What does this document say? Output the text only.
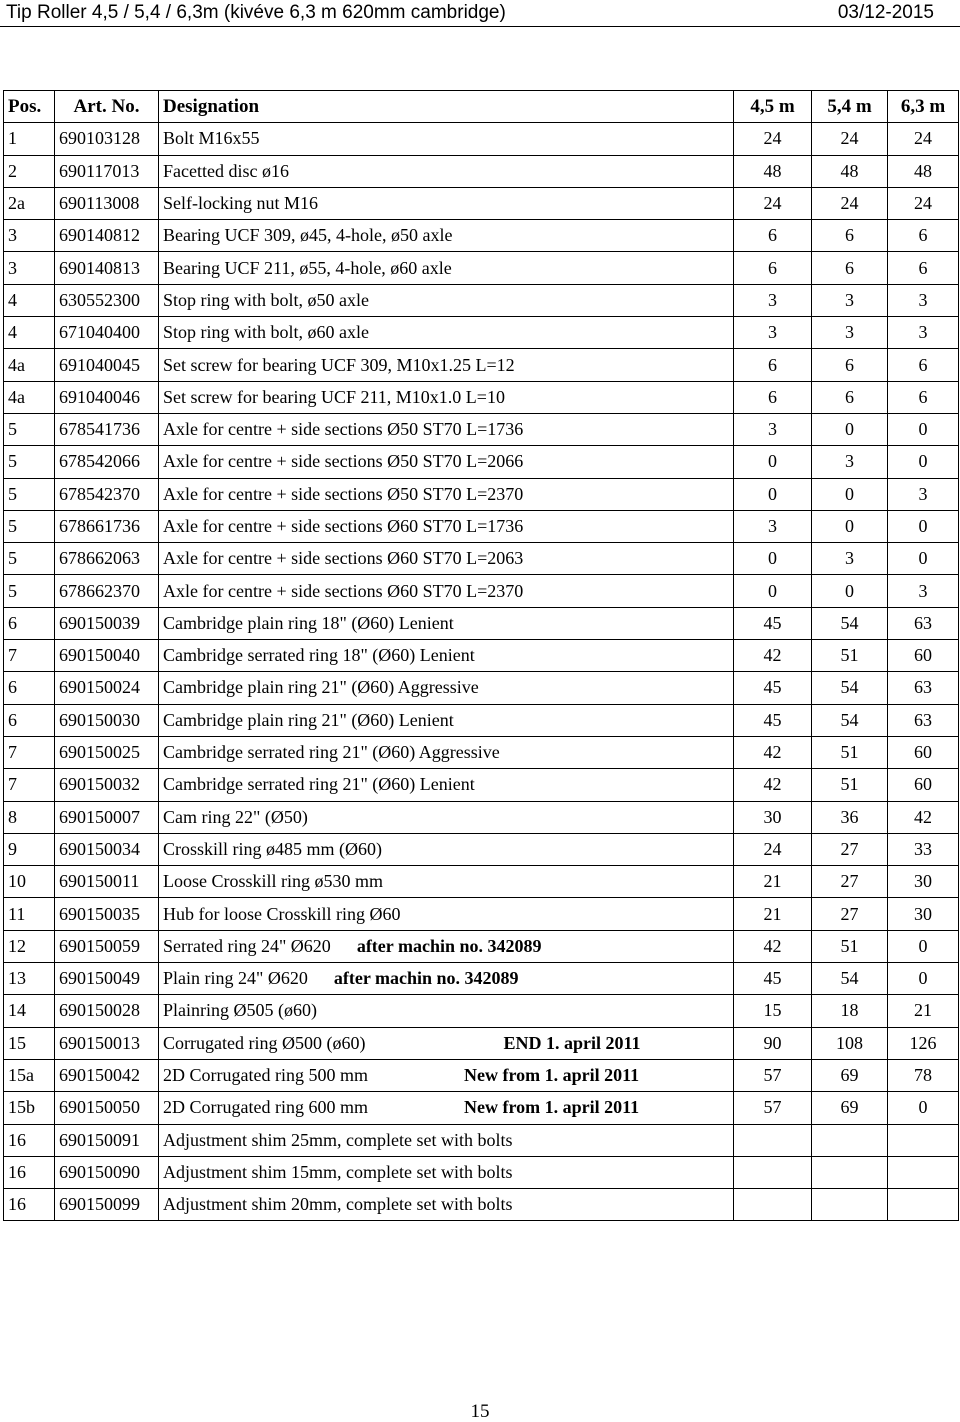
Tip Roller 4,5 / 5,4 / 6,3m (kivéve 6,3 m 620mm cambridge)	03/12-2015
Pos.	Art. No.	Designation	4,5 m	5,4 m	6,3 m
1	690103128	Bolt M16x55	24	24	24
2	690117013	Facetted disc ø16	48	48	48
2a	690113008	Self-locking nut M16	24	24	24
3	690140812	Bearing UCF 309, ø45, 4-hole, ø50 axle	6	6	6
3	690140813	Bearing UCF 211, ø55, 4-hole, ø60 axle	6	6	6
4	630552300	Stop ring with bolt, ø50 axle	3	3	3
4	671040400	Stop ring with bolt, ø60 axle	3	3	3
4a	691040045	Set screw for bearing UCF 309, M10x1.25 L=12	6	6	6
4a	691040046	Set screw for bearing UCF 211, M10x1.0 L=10	6	6	6
5	678541736	Axle for centre + side sections Ø50 ST70 L=1736	3	0	0
5	678542066	Axle for centre + side sections Ø50 ST70 L=2066	0	3	0
5	678542370	Axle for centre + side sections Ø50 ST70 L=2370	0	0	3
5	678661736	Axle for centre + side sections Ø60 ST70 L=1736	3	0	0
5	678662063	Axle for centre + side sections Ø60 ST70 L=2063	0	3	0
5	678662370	Axle for centre + side sections Ø60 ST70 L=2370	0	0	3
6	690150039	Cambridge plain ring 18" (Ø60) Lenient	45	54	63
7	690150040	Cambridge serrated ring 18" (Ø60) Lenient	42	51	60
6	690150024	Cambridge plain ring 21" (Ø60) Aggressive	45	54	63
6	690150030	Cambridge plain ring 21" (Ø60) Lenient	45	54	63
7	690150025	Cambridge serrated ring 21" (Ø60) Aggressive	42	51	60
7	690150032	Cambridge serrated ring 21" (Ø60) Lenient	42	51	60
8	690150007	Cam ring 22" (Ø50)	30	36	42
9	690150034	Crosskill ring ø485 mm (Ø60)	24	27	33
10	690150011	Loose Crosskill ring ø530 mm	21	27	30
11	690150035	Hub for loose Crosskill ring Ø60	21	27	30
12	690150059	Serrated ring 24" Ø620 after machin no. 342089	42	51	0
13	690150049	Plain ring 24" Ø620 after machin no. 342089	45	54	0
14	690150028	Plainring Ø505 (ø60)	15	18	21
15	690150013	Corrugated ring Ø500 (ø60) END 1. april 2011	90	108	126
15a	690150042	2D Corrugated ring 500 mm New from 1. april 2011	57	69	78
15b	690150050	2D Corrugated ring 600 mm New from 1. april 2011	57	69	0
16	690150091	Adjustment shim 25mm, complete set with bolts			
16	690150090	Adjustment shim 15mm, complete set with bolts			
16	690150099	Adjustment shim 20mm, complete set with bolts			
15
